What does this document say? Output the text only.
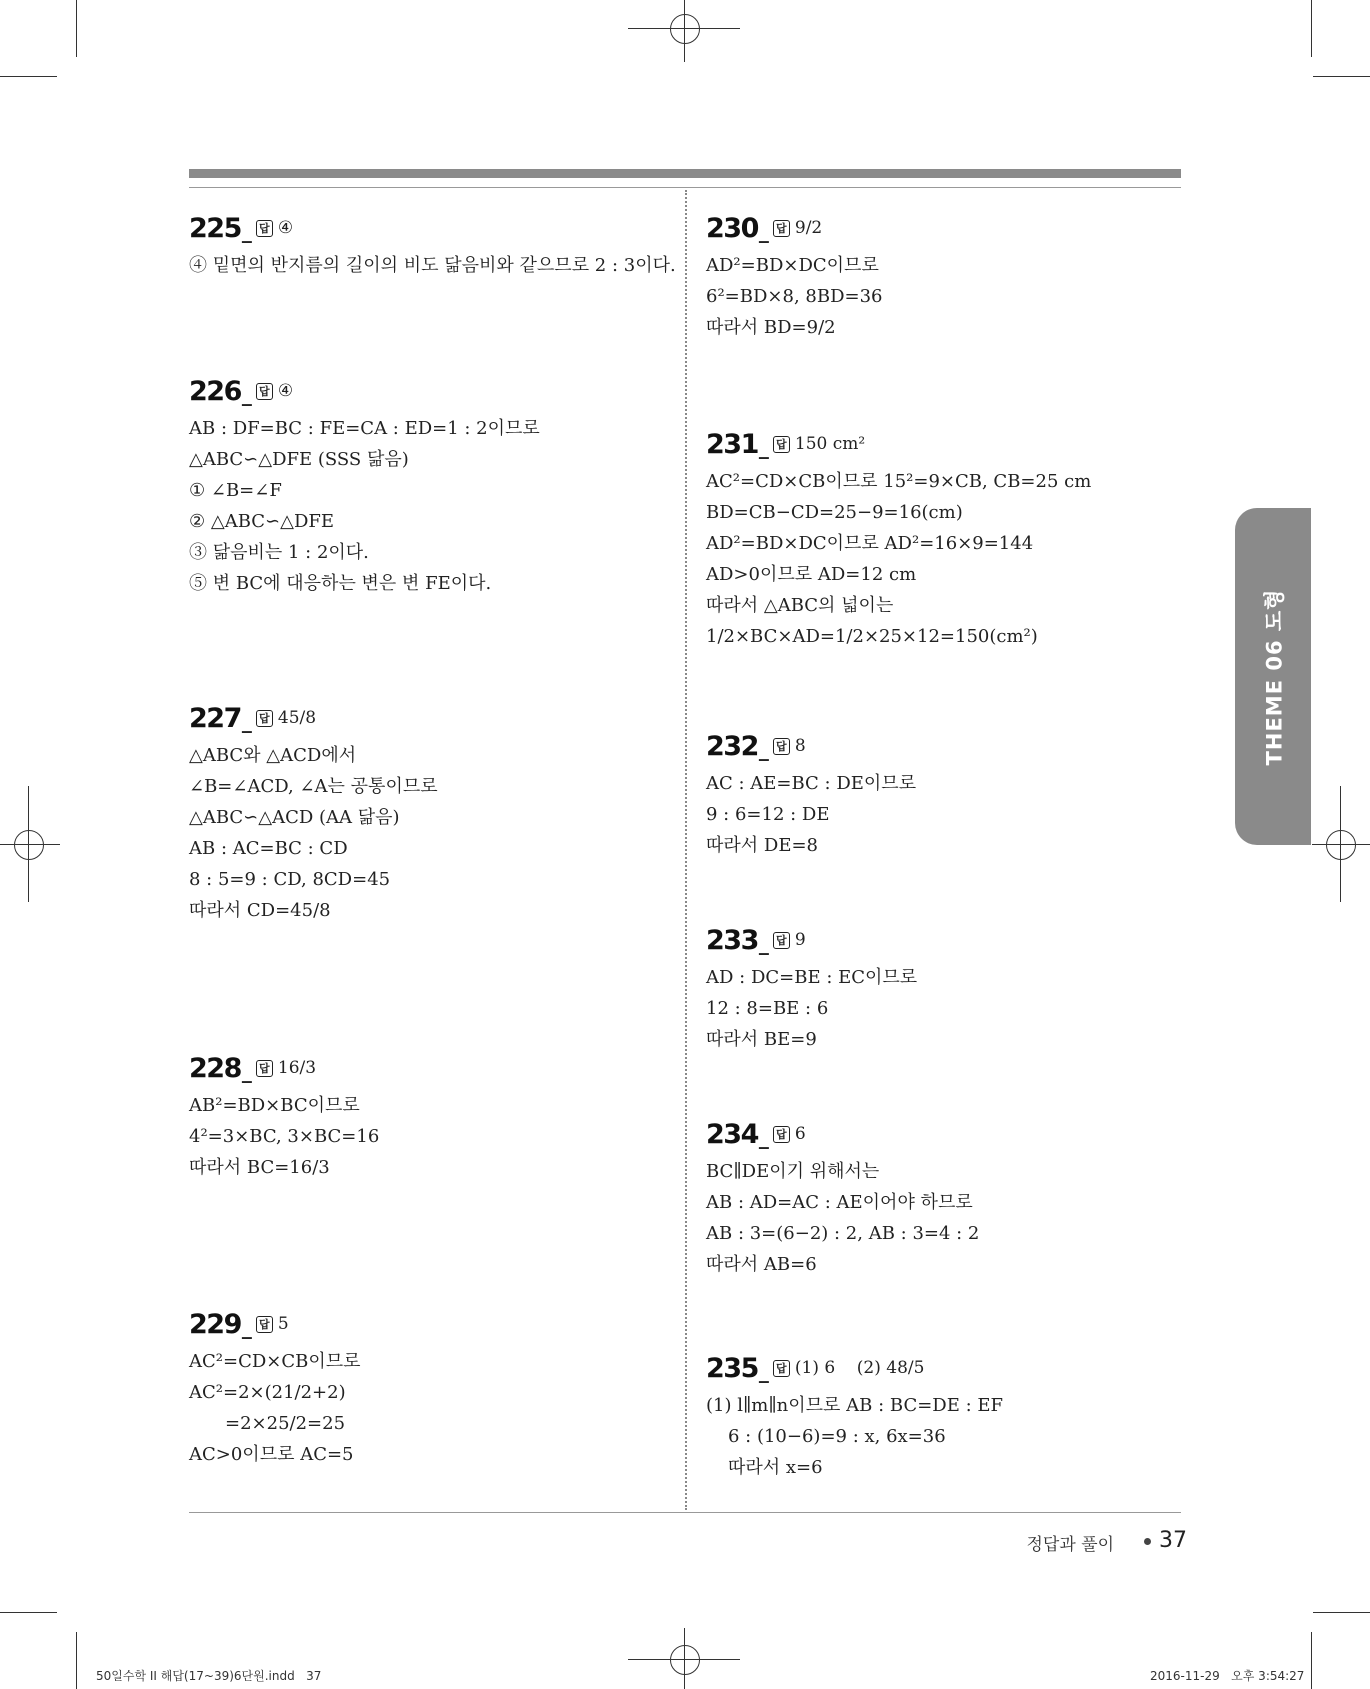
THEME 06 도형
225 _ 답 ④
④ 밑면의 반지름의 길이의 비도 닮음비와 같으므로 2 : 3이다.
226 _ 답 ④
AB : DF=BC : FE=CA : ED=1 : 2이므로
△ABC∽△DFE (SSS 닮음)
① ∠B=∠F
② △ABC∽△DFE
③ 닮음비는 1 : 2이다.
⑤ 변 BC에 대응하는 변은 변 FE이다.
227 _ 답 45/8
△ABC와 △ACD에서
∠B=∠ACD, ∠A는 공통이므로
△ABC∽△ACD (AA 닮음)
AB : AC=BC : CD
8 : 5=9 : CD, 8CD=45
따라서 CD=45/8
228 _ 답 16/3
AB²=BD×BC이므로
4²=3×BC, 3×BC=16
따라서 BC=16/3
229 _ 답 5
AC²=CD×CB이므로
AC²=2×(21/2+2)
=2×25/2=25
AC>0이므로 AC=5
230 _ 답 9/2
AD²=BD×DC이므로
6²=BD×8, 8BD=36
따라서 BD=9/2
231 _ 답 150 cm²
AC²=CD×CB이므로 15²=9×CB, CB=25 cm
BD=CB−CD=25−9=16(cm)
AD²=BD×DC이므로 AD²=16×9=144
AD>0이므로 AD=12 cm
따라서 △ABC의 넓이는
1/2×BC×AD=1/2×25×12=150(cm²)
232 _ 답 8
AC : AE=BC : DE이므로
9 : 6=12 : DE
따라서 DE=8
233 _ 답 9
AD : DC=BE : EC이므로
12 : 8=BE : 6
따라서 BE=9
234 _ 답 6
BC∥DE이기 위해서는
AB : AD=AC : AE이어야 하므로
AB : 3=(6−2) : 2, AB : 3=4 : 2
따라서 AB=6
235 _ 답 (1) 6    (2) 48/5
(1) l∥m∥n이므로 AB : BC=DE : EF
6 : (10−6)=9 : x, 6x=36
따라서 x=6
정답과 풀이 37
50일수학 II 해답(17~39)6단원.indd   37	2016-11-29   오후 3:54:27
